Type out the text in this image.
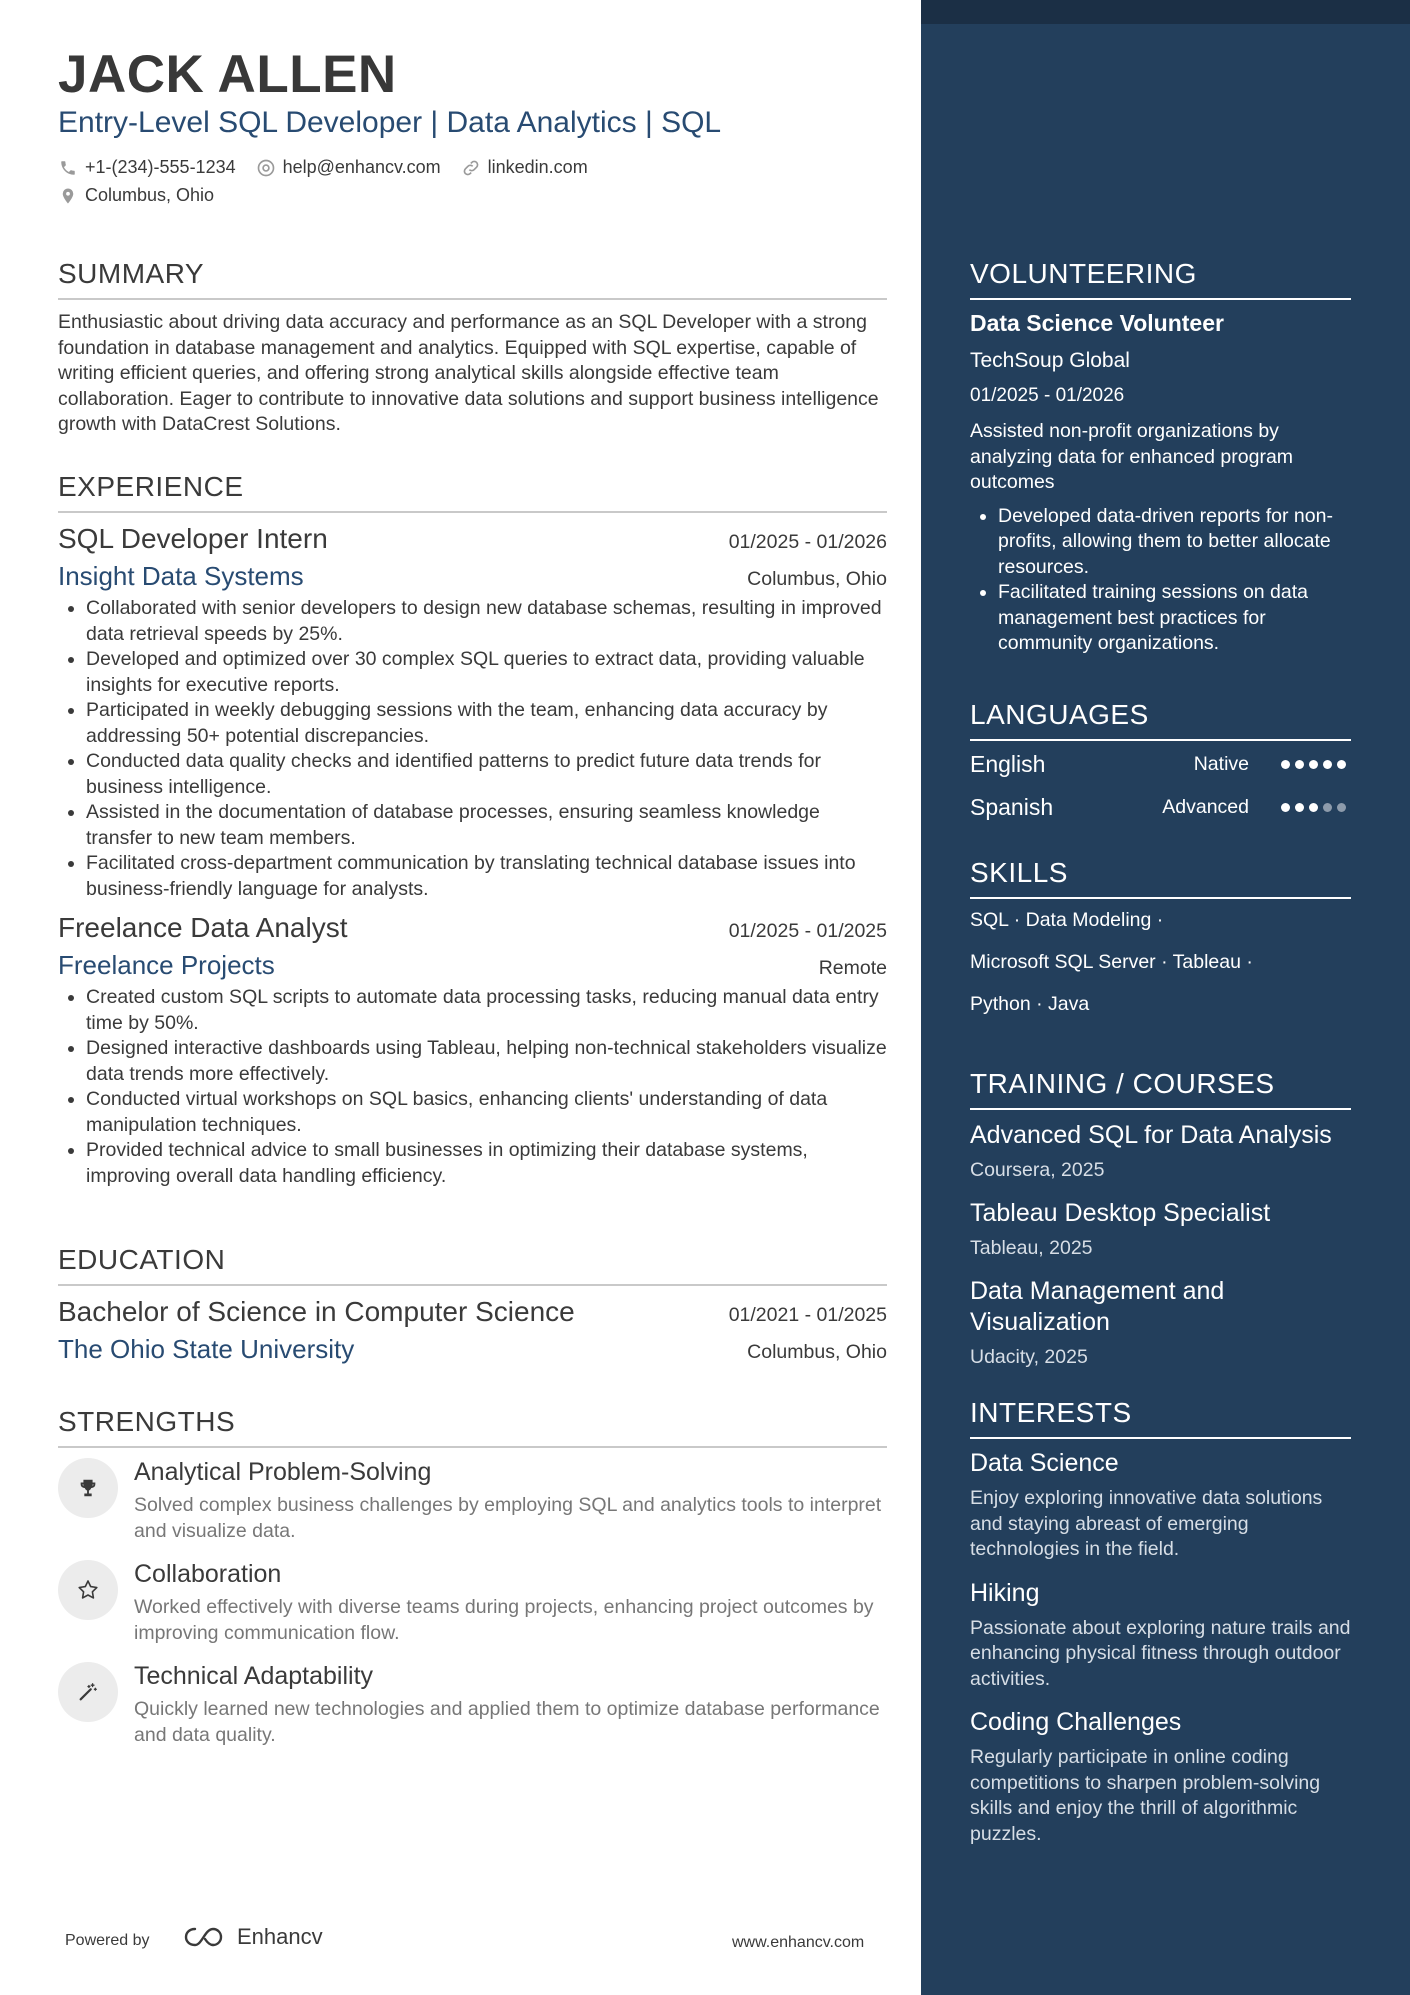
JACK ALLEN
Entry-Level SQL Developer | Data Analytics | SQL
+1-(234)-555-1234	help@enhancv.com	linkedin.com
Columbus, Ohio
SUMMARY
Enthusiastic about driving data accuracy and performance as an SQL Developer with a strong foundation in database management and analytics. Equipped with SQL expertise, capable of writing efficient queries, and offering strong analytical skills alongside effective team collaboration. Eager to contribute to innovative data solutions and support business intelligence growth with DataCrest Solutions.
EXPERIENCE
SQL Developer Intern	01/2025 - 01/2026
Insight Data Systems	Columbus, Ohio
• Collaborated with senior developers to design new database schemas, resulting in improved data retrieval speeds by 25%.
• Developed and optimized over 30 complex SQL queries to extract data, providing valuable insights for executive reports.
• Participated in weekly debugging sessions with the team, enhancing data accuracy by addressing 50+ potential discrepancies.
• Conducted data quality checks and identified patterns to predict future data trends for business intelligence.
• Assisted in the documentation of database processes, ensuring seamless knowledge transfer to new team members.
• Facilitated cross-department communication by translating technical database issues into business-friendly language for analysts.
Freelance Data Analyst	01/2025 - 01/2025
Freelance Projects	Remote
• Created custom SQL scripts to automate data processing tasks, reducing manual data entry time by 50%.
• Designed interactive dashboards using Tableau, helping non-technical stakeholders visualize data trends more effectively.
• Conducted virtual workshops on SQL basics, enhancing clients' understanding of data manipulation techniques.
• Provided technical advice to small businesses in optimizing their database systems, improving overall data handling efficiency.
EDUCATION
Bachelor of Science in Computer Science	01/2021 - 01/2025
The Ohio State University	Columbus, Ohio
STRENGTHS
Analytical Problem-Solving
Solved complex business challenges by employing SQL and analytics tools to interpret and visualize data.
Collaboration
Worked effectively with diverse teams during projects, enhancing project outcomes by improving communication flow.
Technical Adaptability
Quickly learned new technologies and applied them to optimize database performance and data quality.
Powered by	Enhancv	www.enhancv.com
VOLUNTEERING
Data Science Volunteer
TechSoup Global
01/2025 - 01/2026
Assisted non-profit organizations by analyzing data for enhanced program outcomes
• Developed data-driven reports for non-profits, allowing them to better allocate resources.
• Facilitated training sessions on data management best practices for community organizations.
LANGUAGES
English	Native
Spanish	Advanced
SKILLS
SQL · Data Modeling ·
Microsoft SQL Server · Tableau ·
Python · Java
TRAINING / COURSES
Advanced SQL for Data Analysis
Coursera, 2025
Tableau Desktop Specialist
Tableau, 2025
Data Management and Visualization
Udacity, 2025
INTERESTS
Data Science
Enjoy exploring innovative data solutions and staying abreast of emerging technologies in the field.
Hiking
Passionate about exploring nature trails and enhancing physical fitness through outdoor activities.
Coding Challenges
Regularly participate in online coding competitions to sharpen problem-solving skills and enjoy the thrill of algorithmic puzzles.
